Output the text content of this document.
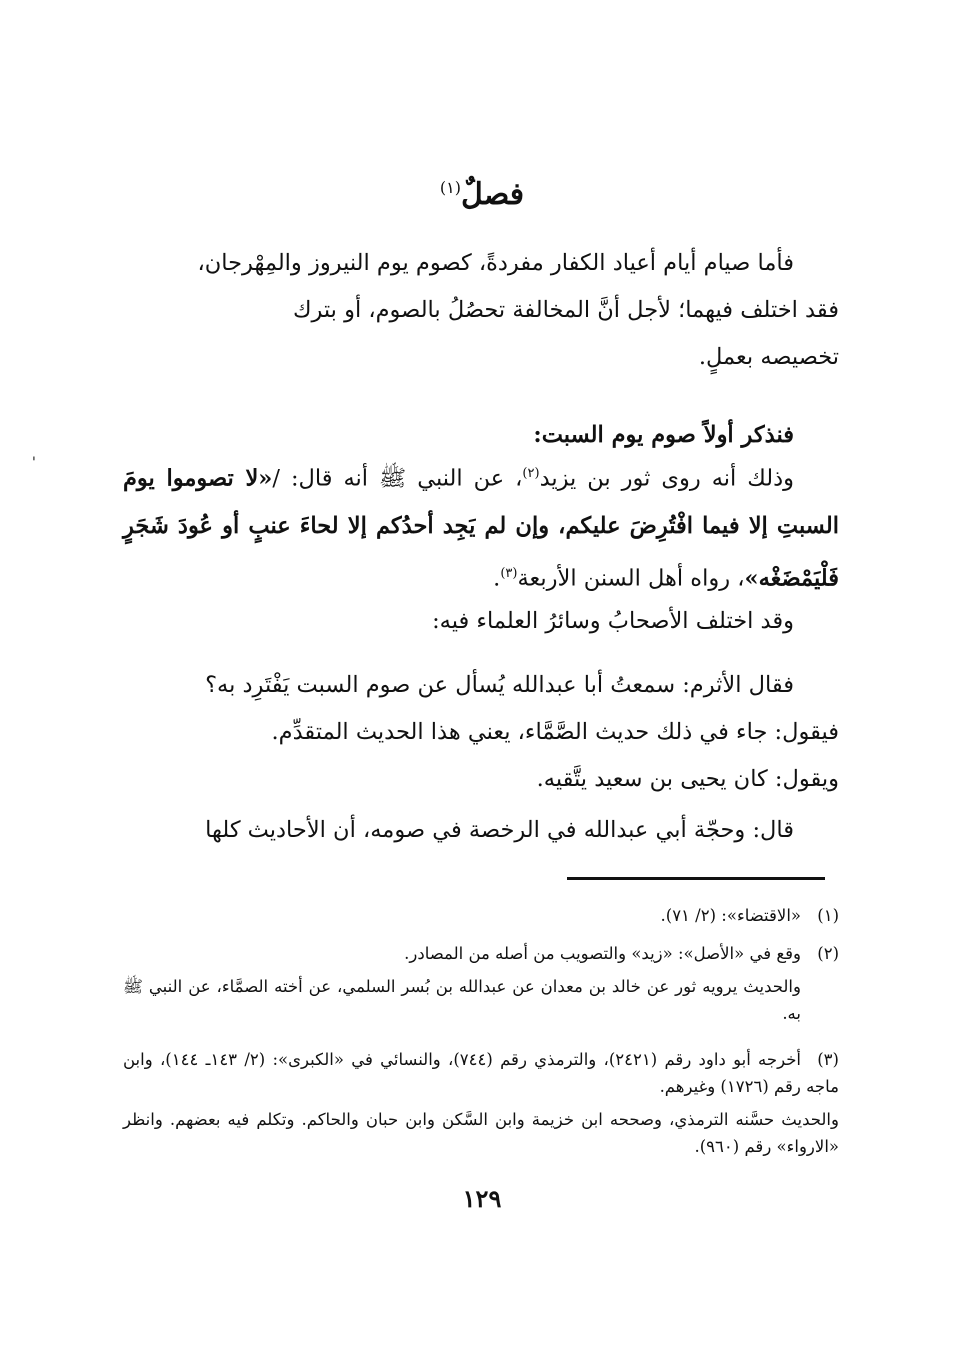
فصلٌ$^{(١)}$

فأما صيام أيام أعياد الكفار مفردةً، كصوم يوم النيروز والمِهْرجان،

فقد اختلف فيهما؛ لأجل أنَّ المخالفة تحصُلُ بالصوم، أو بترك

تخصيصه بعملٍ.

فنذكر أولاً صوم يوم السبت:

وذلك أنه روى ثور بن يزيد$^{(٢)}$، عن النبي ﷺ أنه قال: /«لا تصوموا يومَ السبتِ إلا فيما افْتُرِضَ عليكم، وإن لم يَجِد أحدُكم إلا لحاءَ عنبٍ أو عُودَ شَجَرٍ فَلْيَمْضَغْه»، رواه أهل السنن الأربعة$^{(٣)}$.

وقد اختلف الأصحابُ وسائرُ العلماء فيه:

فقال الأثرم: سمعتُ أبا عبدالله يُسأل عن صوم السبت يَفْتَرِد به؟

فيقول: جاء في ذلك حديث الصَّمَّاء، يعني هذا الحديث المتقدِّم.

ويقول: كان يحيى بن سعيد يتَّقيه.

قال: وحجّة أبي عبدالله في الرخصة في صومه، أن الأحاديث كلها

'
(١)«الاقتضاء»: (٢/ ٧١).
(٢)وقع في «الأصل»: «زيد» والتصويب من أصله من المصادر.
والحديث يرويه ثور عن خالد بن معدان عن عبدالله بن بُسر السلمي، عن أخته الصمَّاء، عن النبي ﷺ به.
(٣)أخرجه أبو داود رقم (٢٤٢١)، والترمذي رقم (٧٤٤)، والنسائي في «الكبرى»: (٢/ ١٤٣ـ ١٤٤)، وابن ماجه رقم (١٧٢٦) وغيرهم.
والحديث حسَّنه الترمذي، وصححه ابن خزيمة وابن السَّكن وابن حبان والحاكم. وتكلم فيه بعضهم. وانظر «الارواء» رقم (٩٦٠).
١٢٩
